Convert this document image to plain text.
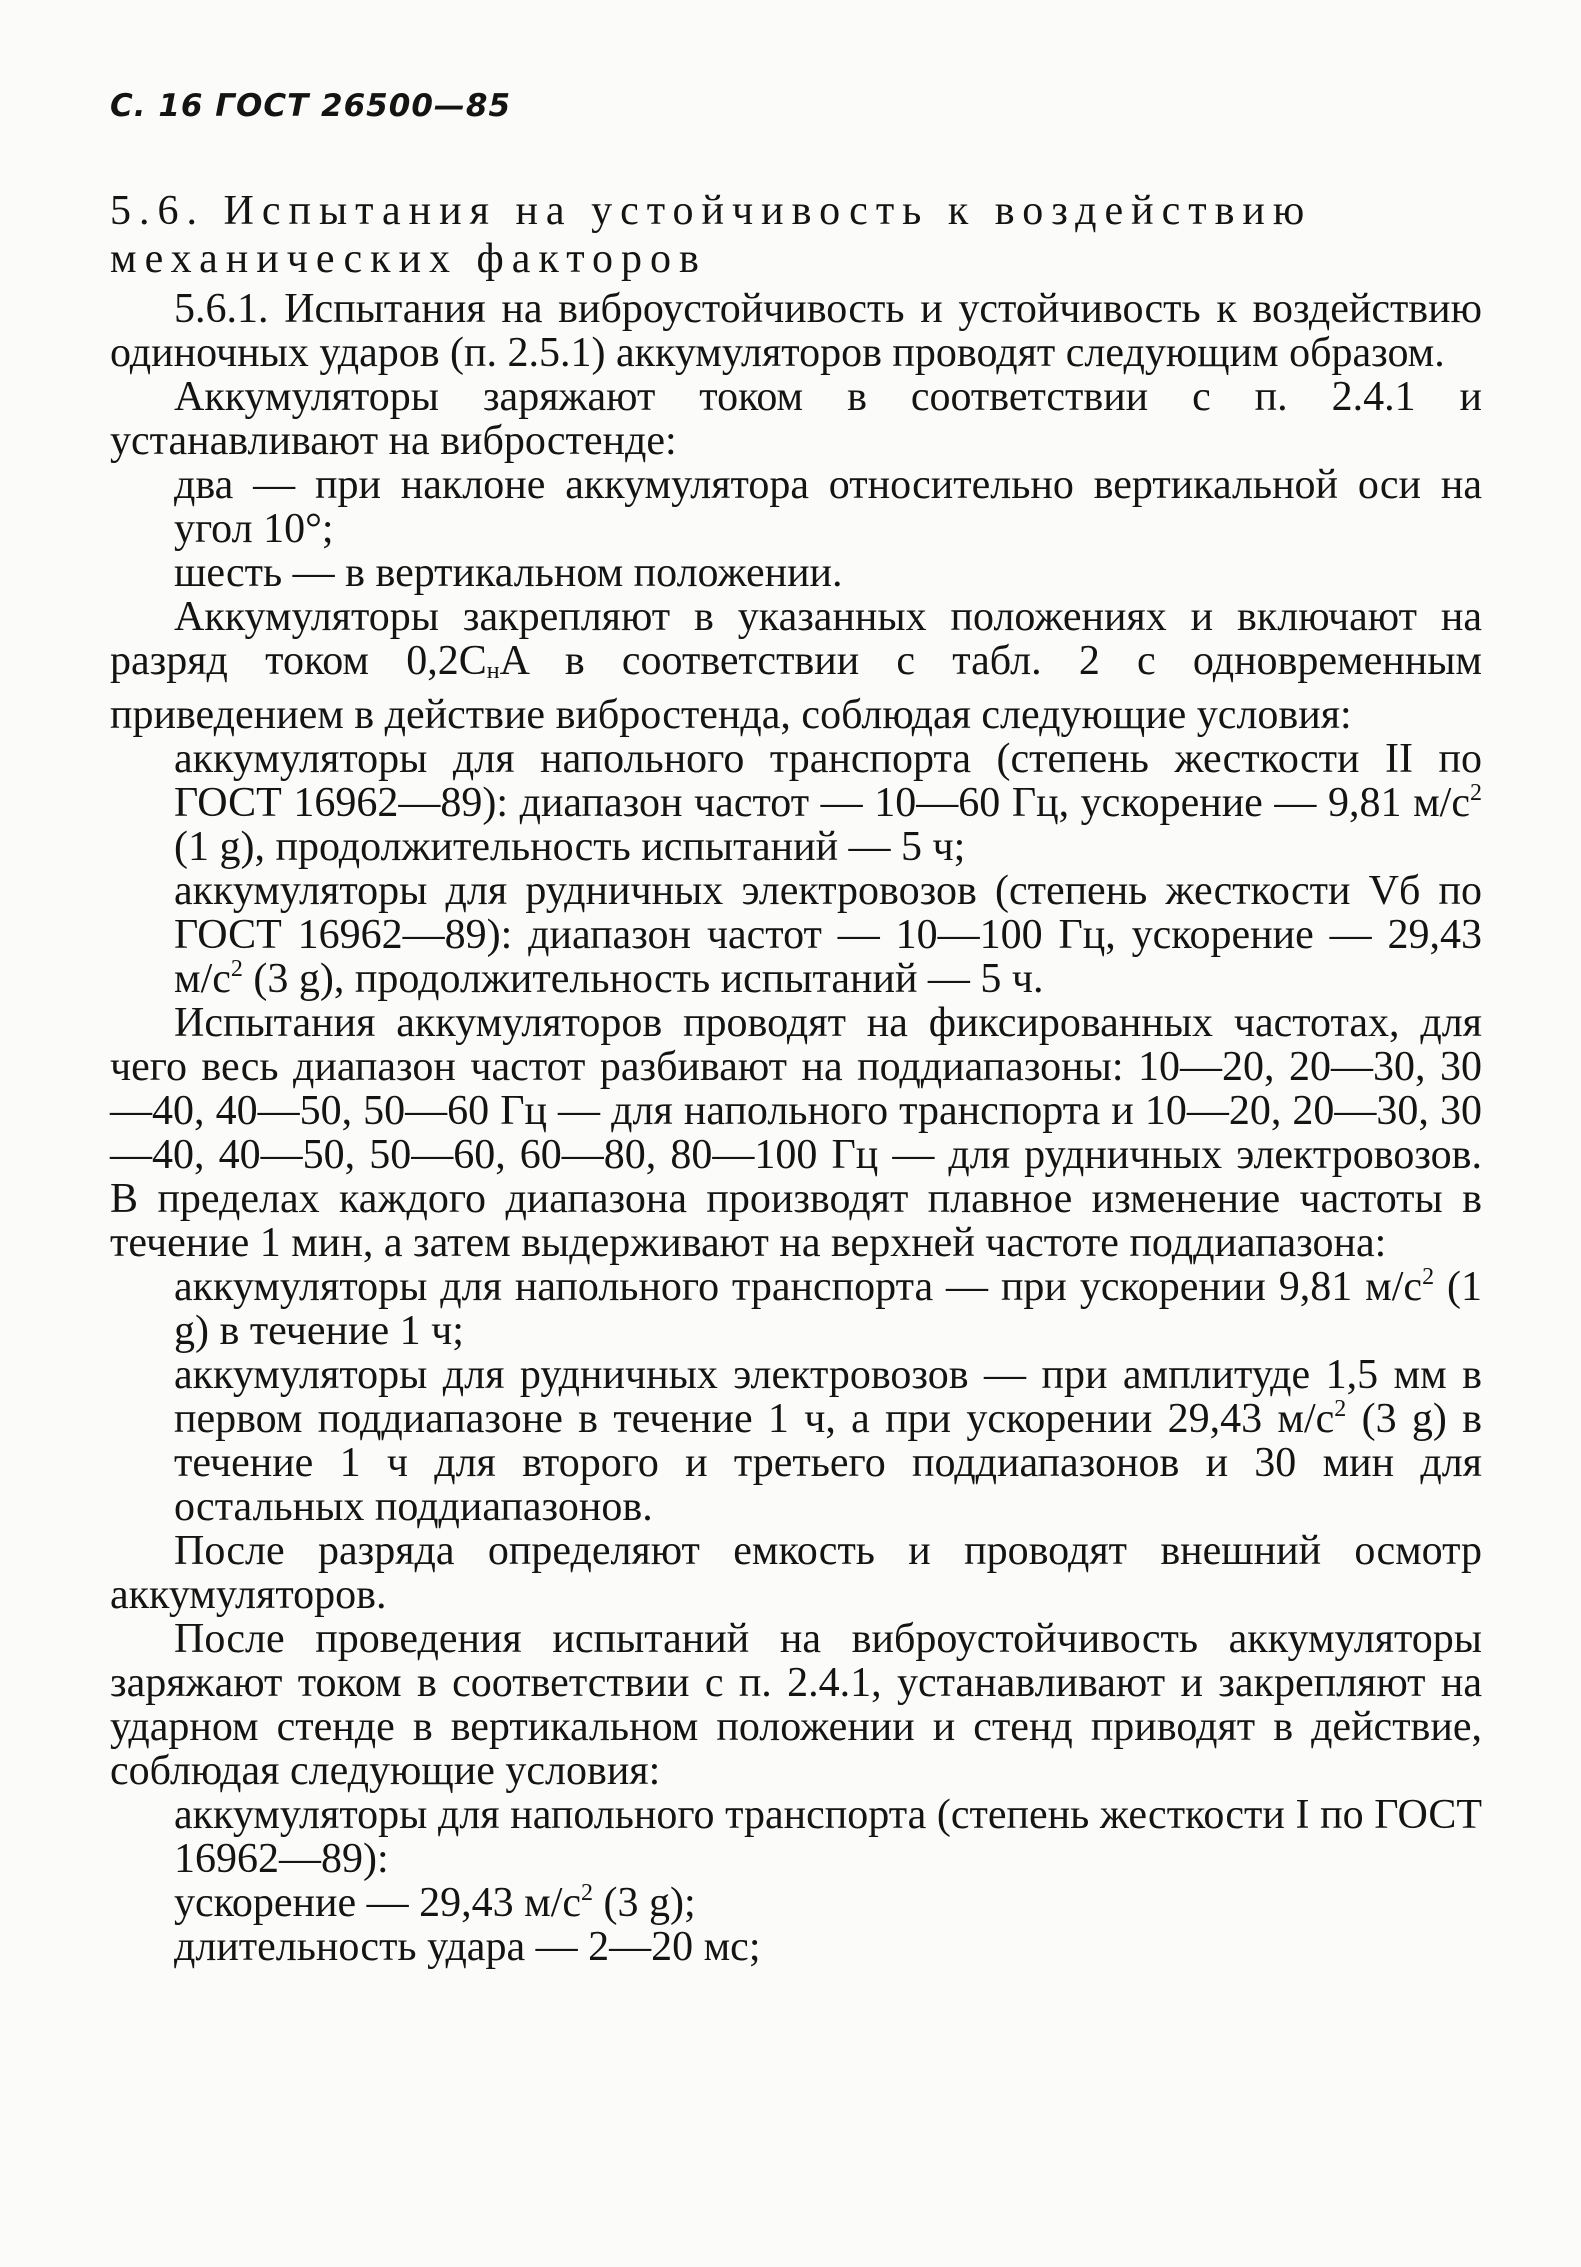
С. 16 ГОСТ 26500—85
5.6. Испытания на устойчивость к воздействию механических факторов

5.6.1. Испытания на виброустойчивость и устойчивость к воздействию одиночных ударов (п. 2.5.1) аккумуляторов проводят следующим образом.

Аккумуляторы заряжают током в соответствии с п. 2.4.1 и устанавливают на вибростенде:

два — при наклоне аккумулятора относительно вертикальной оси на угол 10°;

шесть — в вертикальном положении.

Аккумуляторы закрепляют в указанных положениях и включают на разряд током 0,2CнA в соответствии с табл. 2 с одновременным приведением в действие вибростенда, соблюдая следующие условия:

аккумуляторы для напольного транспорта (степень жесткости II по ГОСТ 16962—89): диапазон частот — 10—60 Гц, ускорение — 9,81 $м/с^2$ (1 g), продолжительность испытаний — 5 ч;

аккумуляторы для рудничных электровозов (степень жесткости Vб по ГОСТ 16962—89): диапазон частот — 10—100 Гц, ускорение — 29,43 $м/с^2$ (3 g), продолжительность испытаний — 5 ч.

Испытания аккумуляторов проводят на фиксированных частотах, для чего весь диапазон частот разбивают на поддиапазоны: 10—20, 20—30, 30—40, 40—50, 50—60 Гц — для напольного транспорта и 10—20, 20—30, 30—40, 40—50, 50—60, 60—80, 80—100 Гц — для рудничных электровозов. В пределах каждого диапазона производят плавное изменение частоты в течение 1 мин, а затем выдерживают на верхней частоте поддиапазона:

аккумуляторы для напольного транспорта — при ускорении 9,81 $м/с^2$ (1 g) в течение 1 ч;

аккумуляторы для рудничных электровозов — при амплитуде 1,5 мм в первом поддиапазоне в течение 1 ч, а при ускорении 29,43 $м/с^2$ (3 g) в течение 1 ч для второго и третьего поддиапазонов и 30 мин для остальных поддиапазонов.

После разряда определяют емкость и проводят внешний осмотр аккумуляторов.

После проведения испытаний на виброустойчивость аккумуляторы заряжают током в соответствии с п. 2.4.1, устанавливают и закрепляют на ударном стенде в вертикальном положении и стенд приводят в действие, соблюдая следующие условия:

аккумуляторы для напольного транспорта (степень жесткости I по ГОСТ 16962—89):

ускорение — 29,43 $м/с^2$ (3 g);

длительность удара — 2—20 мс;
